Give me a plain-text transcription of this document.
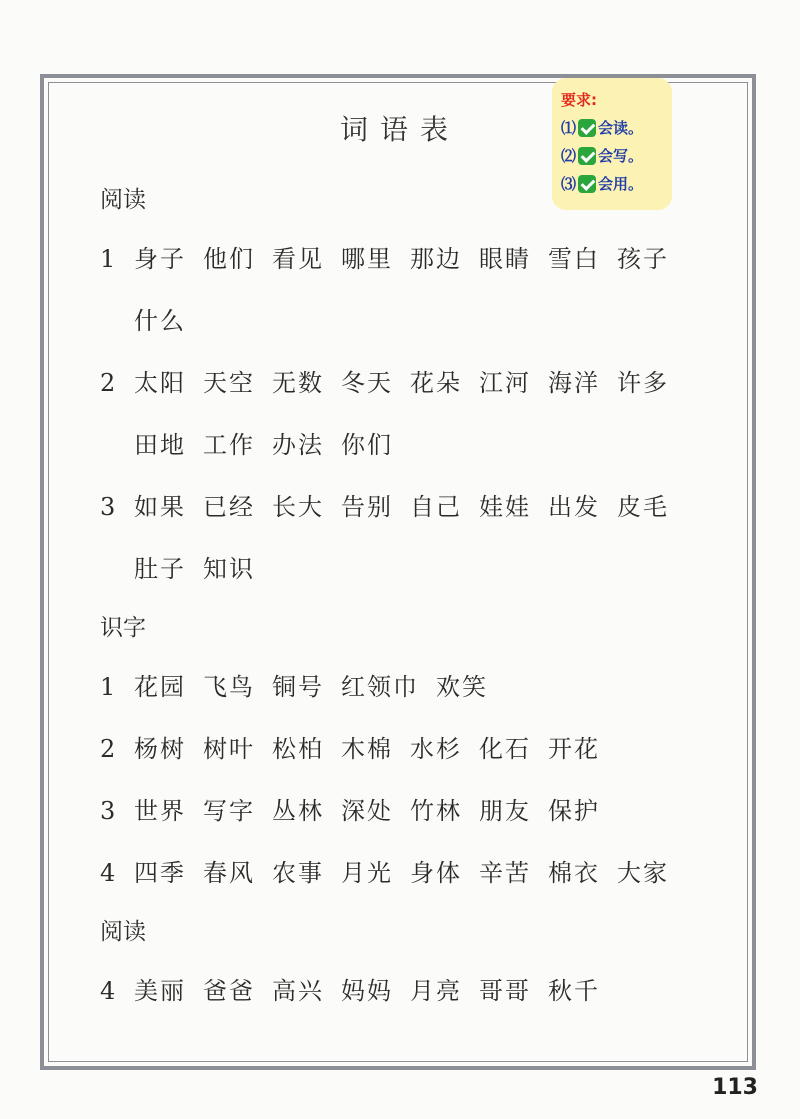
词语表
要求:
⑴ 会读。
⑵ 会写。
⑶ 会用。
阅读
1 身子 他们 看见 哪里 那边 眼睛 雪白 孩子
什么
2 太阳 天空 无数 冬天 花朵 江河 海洋 许多
田地 工作 办法 你们
3 如果 已经 长大 告别 自己 娃娃 出发 皮毛
肚子 知识
识字
1 花园 飞鸟 铜号 红领巾 欢笑
2 杨树 树叶 松柏 木棉 水杉 化石 开花
3 世界 写字 丛林 深处 竹林 朋友 保护
4 四季 春风 农事 月光 身体 辛苦 棉衣 大家
阅读
4 美丽 爸爸 高兴 妈妈 月亮 哥哥 秋千
113
